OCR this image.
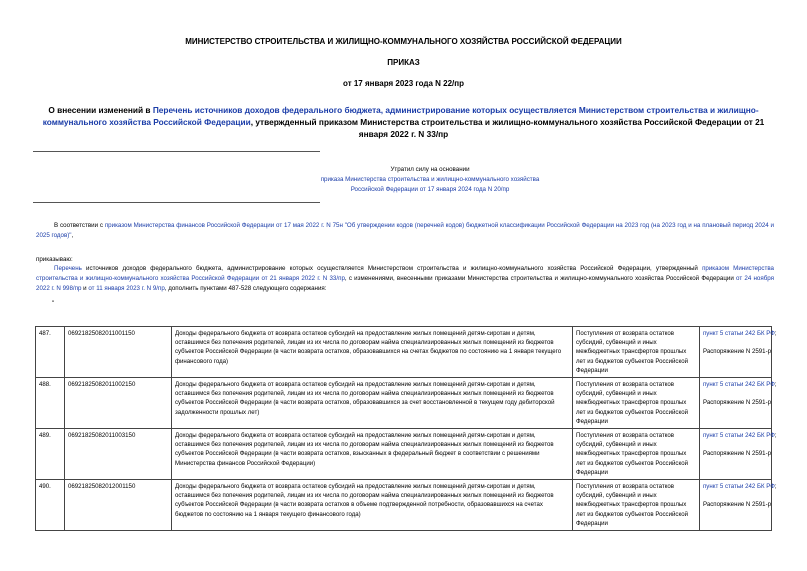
МИНИСТЕРСТВО СТРОИТЕЛЬСТВА И ЖИЛИЩНО-КОММУНАЛЬНОГО ХОЗЯЙСТВА РОССИЙСКОЙ ФЕДЕРАЦИИ
ПРИКАЗ
от 17 января 2023 года N 22/пр
О внесении изменений в Перечень источников доходов федерального бюджета, администрирование которых осуществляется Министерством строительства и жилищно-коммунального хозяйства Российской Федерации, утвержденный приказом Министерства строительства и жилищно-коммунального хозяйства Российской Федерации от 21 января 2022 г. N 33/пр
Утратил силу на основании
приказа Министерства строительства и жилищно-коммунального хозяйства
Российской Федерации от 17 января 2024 года N 20/пр
В соответствии с приказом Министерства финансов Российской Федерации от 17 мая 2022 г. N 75н "Об утверждении кодов (перечней кодов) бюджетной классификации Российской Федерации на 2023 год (на 2023 год и на плановый период 2024 и 2025 годов)",
приказываю:
Перечень источников доходов федерального бюджета, администрирование которых осуществляется Министерством строительства и жилищно-коммунального хозяйства Российской Федерации, утвержденный приказом Министерства строительства и жилищно-коммунального хозяйства Российской Федерации от 21 января 2022 г. N 33/пр, с изменениями, внесенными приказами Министерства строительства и жилищно-коммунального хозяйства Российской Федерации от 24 ноября 2022 г. N 998/пр и от 11 января 2023 г. N 9/пр, дополнить пунктами 487-528 следующего содержания:
"
487.	06921825082011001150	Доходы федерального бюджета от возврата остатков субсидий на предоставление жилых помещений детям-сиротам и детям, оставшимся без попечения родителей, лицам из их числа по договорам найма специализированных жилых помещений из бюджетов субъектов Российской Федерации (в части возврата остатков, образовавшихся на счетах бюджетов по состоянию на 1 января текущего финансового года)	Поступления от возврата остатков субсидий, субвенций и иных межбюджетных трансфертов прошлых лет из бюджетов субъектов Российской Федерации	пункт 5 статьи 242 БК РФ;
Распоряжение N 2591-р

488.	06921825082011002150	Доходы федерального бюджета от возврата остатков субсидий на предоставление жилых помещений детям-сиротам и детям, оставшимся без попечения родителей, лицам из их числа по договорам найма специализированных жилых помещений из бюджетов субъектов Российской Федерации (в части возврата остатков, образовавшихся за счет восстановленной в текущем году дебиторской задолженности прошлых лет)	Поступления от возврата остатков субсидий, субвенций и иных межбюджетных трансфертов прошлых лет из бюджетов субъектов Российской Федерации	пункт 5 статьи 242 БК РФ;
Распоряжение N 2591-р

489.	06921825082011003150	Доходы федерального бюджета от возврата остатков субсидий на предоставление жилых помещений детям-сиротам и детям, оставшимся без попечения родителей, лицам из их числа по договорам найма специализированных жилых помещений из бюджетов субъектов Российской Федерации (в части возврата остатков, взысканных в федеральный бюджет в соответствии с решениями Министерства финансов Российской Федерации)	Поступления от возврата остатков субсидий, субвенций и иных межбюджетных трансфертов прошлых лет из бюджетов субъектов Российской Федерации	пункт 5 статьи 242 БК РФ;
Распоряжение N 2591-р

490.	06921825082012001150	Доходы федерального бюджета от возврата остатков субсидий на предоставление жилых помещений детям-сиротам и детям, оставшимся без попечения родителей, лицам из их числа по договорам найма специализированных жилых помещений из бюджетов субъектов Российской Федерации (в части возврата остатков в объеме подтвержденной потребности, образовавшихся на счетах бюджетов по состоянию на 1 января текущего финансового года)	Поступления от возврата остатков субсидий, субвенций и иных межбюджетных трансфертов прошлых лет из бюджетов субъектов Российской Федерации	пункт 5 статьи 242 БК РФ;
Распоряжение N 2591-р
